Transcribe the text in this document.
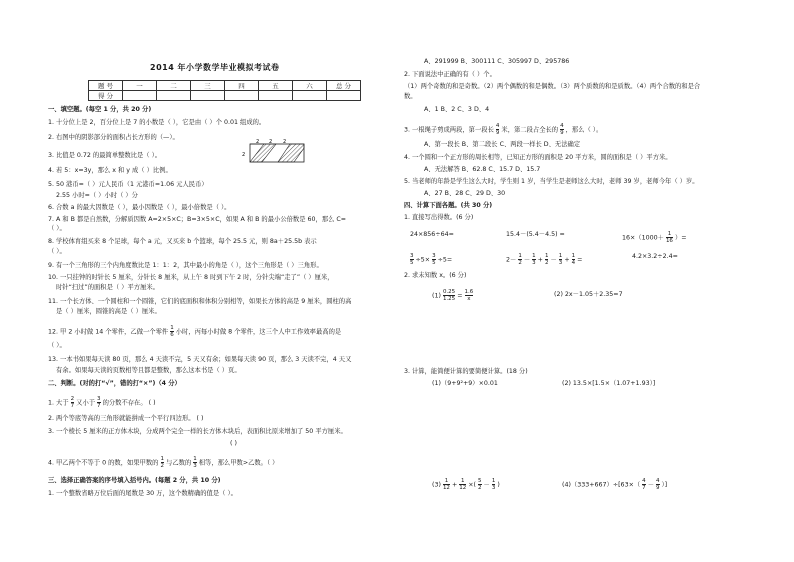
2014 年小学数学毕业模拟考试卷
题 号	一	二	三	四	五	六	总 分
得 分							
一、填空题。(每空 1 分，共 20 分)
1. 十分位上是 2，百分位上是 7 的小数是（ ），它是由（ ）个 0.01 组成的。
2. 右图中的阴影部分的面积占长方形的（—）。
2 2 2
2
3. 比值是 0.72 的最简单整数比是（ ）。
4. 若 5：x=3y，那么 x 和 y 成（ ）比例。
5. 50 港币=（ ）元人民币（1 元港币=1.06 元人民币）
2.55 小时=（ ）小时（ ）分
6. 合数 a 的最大因数是（ ），最小因数是（ ），最小倍数是（ ）。
7. A 和 B 都是自然数，分解质因数 A=2×5×C；B=3×5×C，如果 A 和 B 的最小公倍数是 60，那么 C=
（ ）。
8. 学校体育组买来 8 个足球，每个 a 元，又买来 b 个篮球，每个 25.5 元，则 8a＋25.5b 表示
（ ）。
9. 有一个三角形的三个内角度数比是 1：1：2，其中最小的角是（ ），这个三角形是（ ）三角形。
10. 一只挂钟的时针长 5 厘米，分针长 8 厘米，从上午 8 时到下午 2 时，分针尖端“走了”（ ）厘米，
时针“扫过”的面积是（ ）平方厘米。
11. 一个长方体、一个圆柱和一个圆锥，它们的底面积和体积分别相等，如果长方体的高是 9 厘米，圆柱的高
是（ ）厘米，圆锥的高是（ ）厘米。
12. 甲 2 小时做 14 个零件，乙做一个零件 $\frac{1}{6}$ 小时，丙每小时做 8 个零件，这三个人中工作效率最高的是
（ ）。
13. 一本书如果每天读 80 页，那么 4 天读不完，5 天又有余；如果每天读 90 页，那么 3 天读不完，4 天又
有余。如果每天读的页数相等且都是整数，那么这本书是（ ）页。
二、判断。(对的打“√”，错的打“×”)（4 分）
1. 大于 $\frac{2}{7}$ 又小于 $\frac{3}{7}$ 的分数不存在。 ( )
2. 两个等底等高的三角形就能拼成一个平行四边形。 ( )
3. 一个棱长 5 厘米的正方体木块，分成两个完全一样的长方体木块后，表面积比原来增加了 50 平方厘米。
( )
4. 甲乙两个不等于 0 的数，如果甲数的 $\frac{1}{2}$ 与乙数的 $\frac{1}{3}$ 相等，那么甲数>乙数。（ ）
三、选择正确答案的序号填入括号内。(每题 2 分，共 10 分)
1. 一个整数省略万位后面的尾数是 30 万，这个数精确的值是（ ）。
A、291999 B、300111 C、305997 D、295786
2. 下面说法中正确的有（ ）个。
（1）两个奇数的和是奇数。（2）两个偶数的和是偶数。（3）两个质数的和是质数。（4）两个合数的和是合
数。
A、1 B、2 C、3 D、4
3. 一根绳子剪成两段，第一段长 $\frac{4}{9}$ 米，第二段占全长的 $\frac{4}{9}$ ，那么（ ）。
A、第一段长 B、第二段长 C、两段一样长 D、无法确定
4. 一个圆和一个正方形的周长相等，已知正方形的面积是 20 平方米，圆的面积是（ ）平方米。
A、无法解答 B、62.8 C、15.7 D、15.7
5. 当老师的年龄是学生这么大时，学生则 1 岁，当学生是老师这么大时，老师 39 岁，老师今年（ ）岁。
A、27 B、28 C、29 D、30
四、计算下面各题。(共 30 分)
1. 直接写出得数。(6 分)
24×856÷64=	15.4－(5.4－4.5) =	$16\times(1000+ \frac{1}{16}$ ）=
$\frac{3}{5} \div 5\times \frac{3}{5} \div 5=$	$2- \frac{1}{2} - \frac{1}{3} + \frac{1}{2} - \frac{1}{3} + \frac{1}{4}$ =	4.2×3.2÷2.4=
2. 求未知数 x。(6 分)
$(1) \frac{0.25}{1.25} = \frac{1.6}{x}$	(2) 2x－1.05＋2.35=7
3. 计算，能简便计算的要简便计算。(18 分)
(1)（9+9²+9）×0.01	(2) 13.5×[1.5×（1.07+1.93）]
$(3) \frac{1}{12} + \frac{1}{12}$ ×( $\frac{5}{2} - \frac{1}{3}$ )	$(4)(333+667)\div[63\times( \frac{4}{7} - \frac{4}{9}$ ）]
